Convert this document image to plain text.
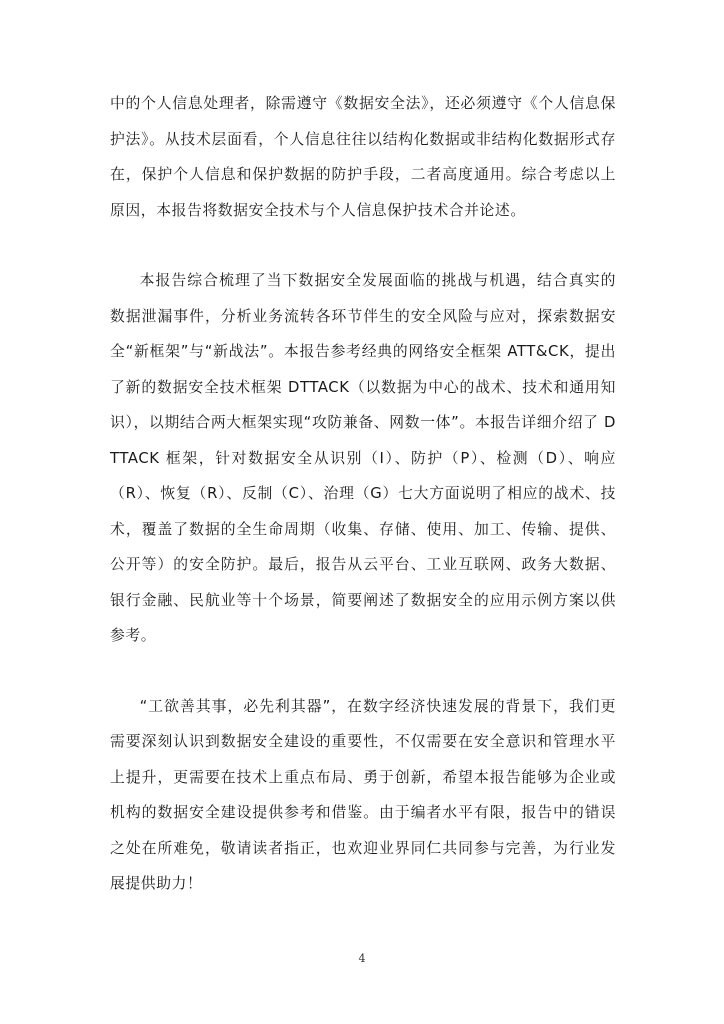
中的个人信息处理者，除需遵守《数据安全法》，还必须遵守《个人信息保护法》。从技术层面看，个人信息往往以结构化数据或非结构化数据形式存在，保护个人信息和保护数据的防护手段，二者高度通用。综合考虑以上原因，本报告将数据安全技术与个人信息保护技术合并论述。

本报告综合梳理了当下数据安全发展面临的挑战与机遇，结合真实的数据泄漏事件，分析业务流转各环节伴生的安全风险与应对，探索数据安全“新框架”与“新战法”。本报告参考经典的网络安全框架 ATT&CK，提出了新的数据安全技术框架 DTTACK（以数据为中心的战术、技术和通用知识），以期结合两大框架实现“攻防兼备、网数一体”。本报告详细介绍了 DTTACK 框架，针对数据安全从识别（I）、防护（P）、检测（D）、响应（R）、恢复（R）、反制（C）、治理（G）七大方面说明了相应的战术、技术，覆盖了数据的全生命周期（收集、存储、使用、加工、传输、提供、公开等）的安全防护。最后，报告从云平台、工业互联网、政务大数据、银行金融、民航业等十个场景，简要阐述了数据安全的应用示例方案以供参考。

“工欲善其事，必先利其器”，在数字经济快速发展的背景下，我们更需要深刻认识到数据安全建设的重要性，不仅需要在安全意识和管理水平上提升，更需要在技术上重点布局、勇于创新，希望本报告能够为企业或机构的数据安全建设提供参考和借鉴。由于编者水平有限，报告中的错误之处在所难免，敬请读者指正，也欢迎业界同仁共同参与完善，为行业发展提供助力！

4
